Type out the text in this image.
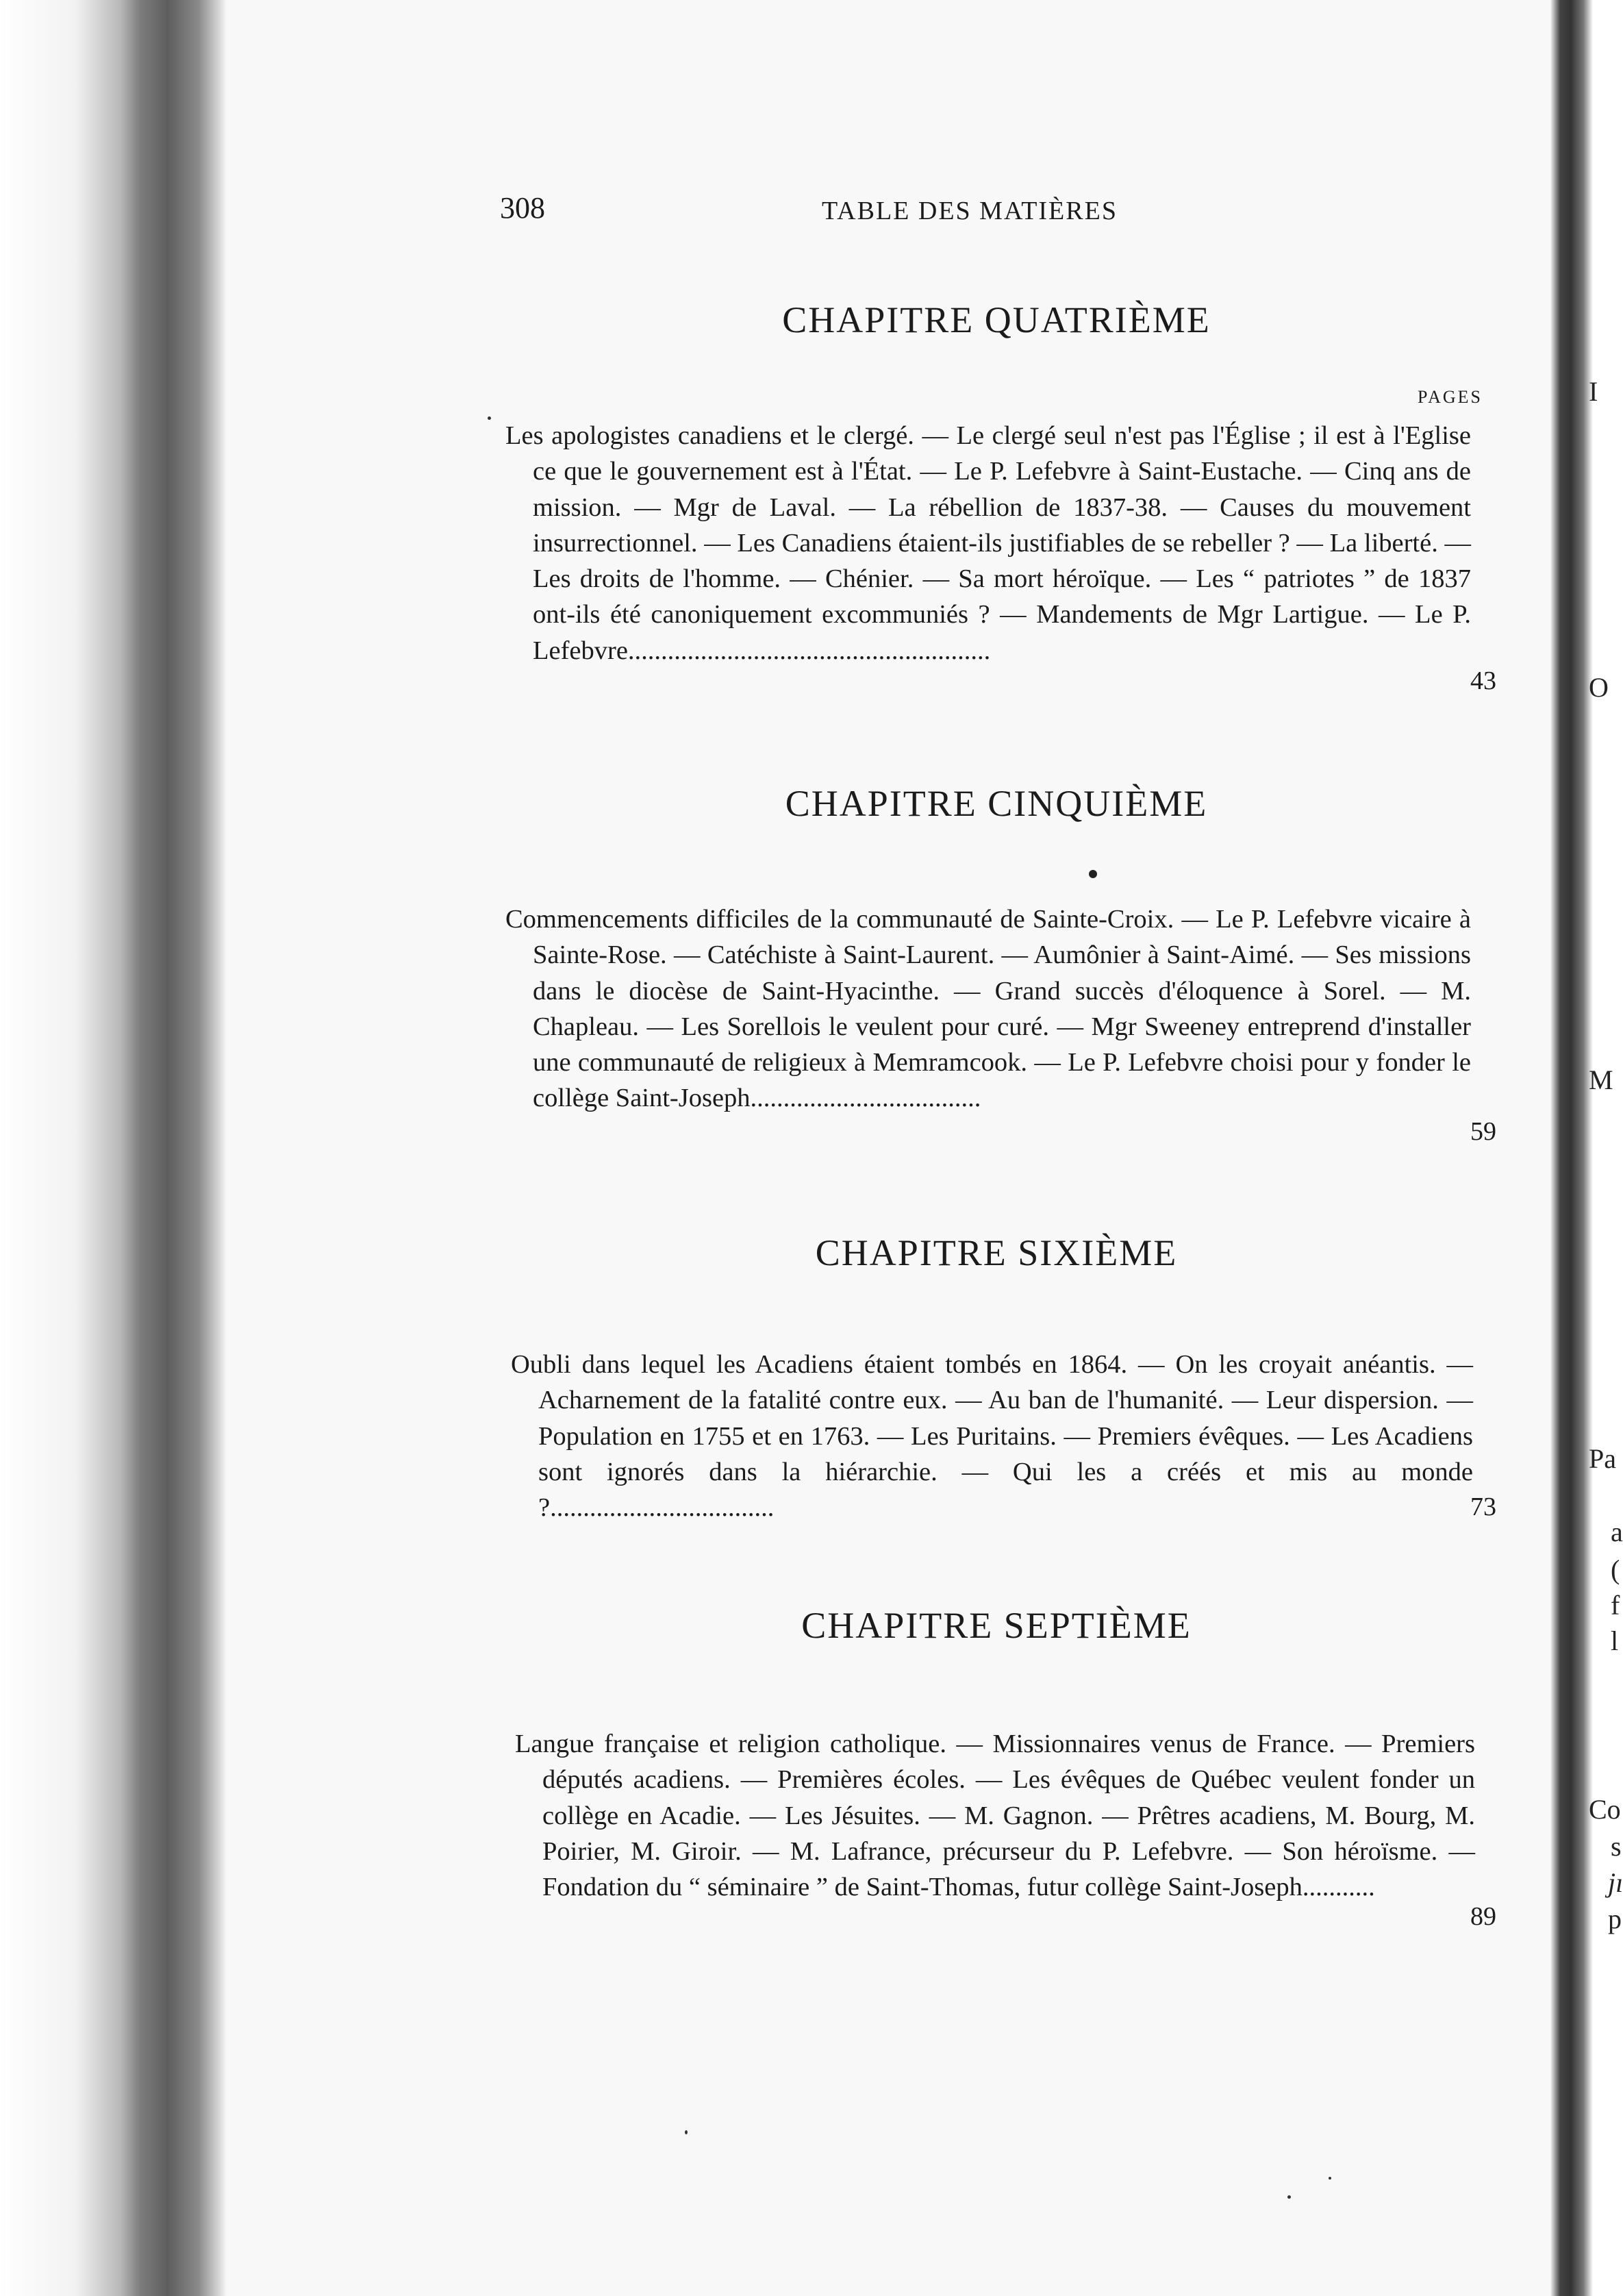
I
O
M
Pa
a
(
f
l
Co
s
jı
p
308	TABLE DES MATIÈRES
CHAPITRE QUATRIÈME
PAGES
Les apologistes canadiens et le clergé. — Le clergé seul n'est pas l'Église ; il est à l'Eglise ce que le gouvernement est à l'État. — Le P. Lefebvre à Saint-Eustache. — Cinq ans de mission. — Mgr de Laval. — La rébellion de 1837-38. — Causes du mouvement insurrectionnel. — Les Canadiens étaient-ils justifiables de se rebeller ? — La liberté. — Les droits de l'homme. — Chénier. — Sa mort héroïque. — Les “ patriotes ” de 1837 ont-ils été canoniquement excommuniés ? — Mandements de Mgr Lartigue. — Le P. Lefebvre.......................................................
43
CHAPITRE CINQUIÈME
Commencements difficiles de la communauté de Sainte-Croix. — Le P. Lefebvre vicaire à Sainte-Rose. — Catéchiste à Saint-Laurent. — Aumônier à Saint-Aimé. — Ses missions dans le diocèse de Saint-Hyacinthe. — Grand succès d'éloquence à Sorel. — M. Chapleau. — Les Sorellois le veulent pour curé. — Mgr Sweeney entreprend d'installer une communauté de religieux à Memramcook. — Le P. Lefebvre choisi pour y fonder le collège Saint-Joseph...................................
59
CHAPITRE SIXIÈME
Oubli dans lequel les Acadiens étaient tombés en 1864. — On les croyait anéantis. — Acharnement de la fatalité contre eux. — Au ban de l'humanité. — Leur dispersion. — Population en 1755 et en 1763. — Les Puritains. — Premiers évêques. — Les Acadiens sont ignorés dans la hiérarchie. — Qui les a créés et mis au monde ?..................................	73
CHAPITRE SEPTIÈME
Langue française et religion catholique. — Missionnaires venus de France. — Premiers députés acadiens. — Premières écoles. — Les évêques de Québec veulent fonder un collège en Acadie. — Les Jésuites. — M. Gagnon. — Prêtres acadiens, M. Bourg, M. Poirier, M. Giroir. — M. Lafrance, précurseur du P. Lefebvre. — Son héroïsme. — Fondation du “ séminaire ” de Saint-Thomas, futur collège Saint-Joseph...........
89
